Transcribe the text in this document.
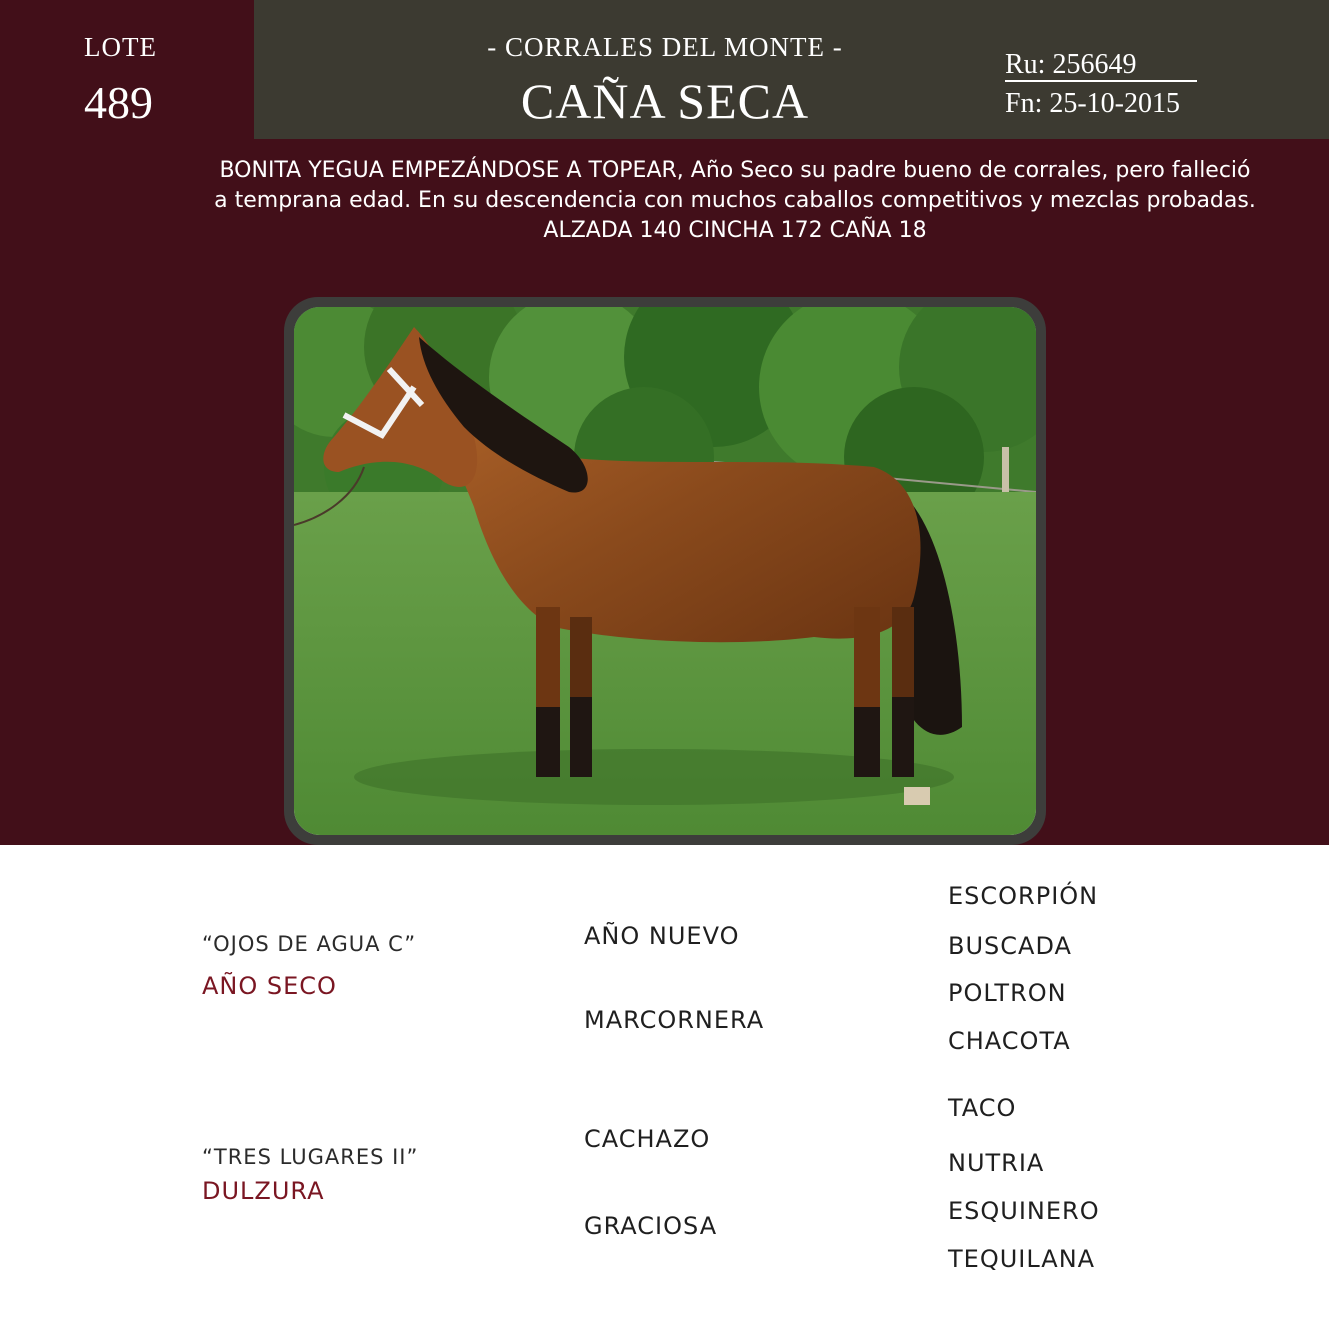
LOTE
489
- CORRALES DEL MONTE -
CAÑA SECA
Ru: 256649
Fn: 25-10-2015
BONITA YEGUA EMPEZÁNDOSE A TOPEAR, Año Seco su padre bueno de corrales, pero falleció a temprana edad. En su descendencia con muchos caballos competitivos y mezclas probadas. ALZADA 140 CINCHA 172 CAÑA 18
“OJOS DE AGUA C”
AÑO SECO
“TRES LUGARES II”
DULZURA
AÑO NUEVO
MARCORNERA
CACHAZO
GRACIOSA
ESCORPIÓN
BUSCADA
POLTRON
CHACOTA
TACO
NUTRIA
ESQUINERO
TEQUILANA
